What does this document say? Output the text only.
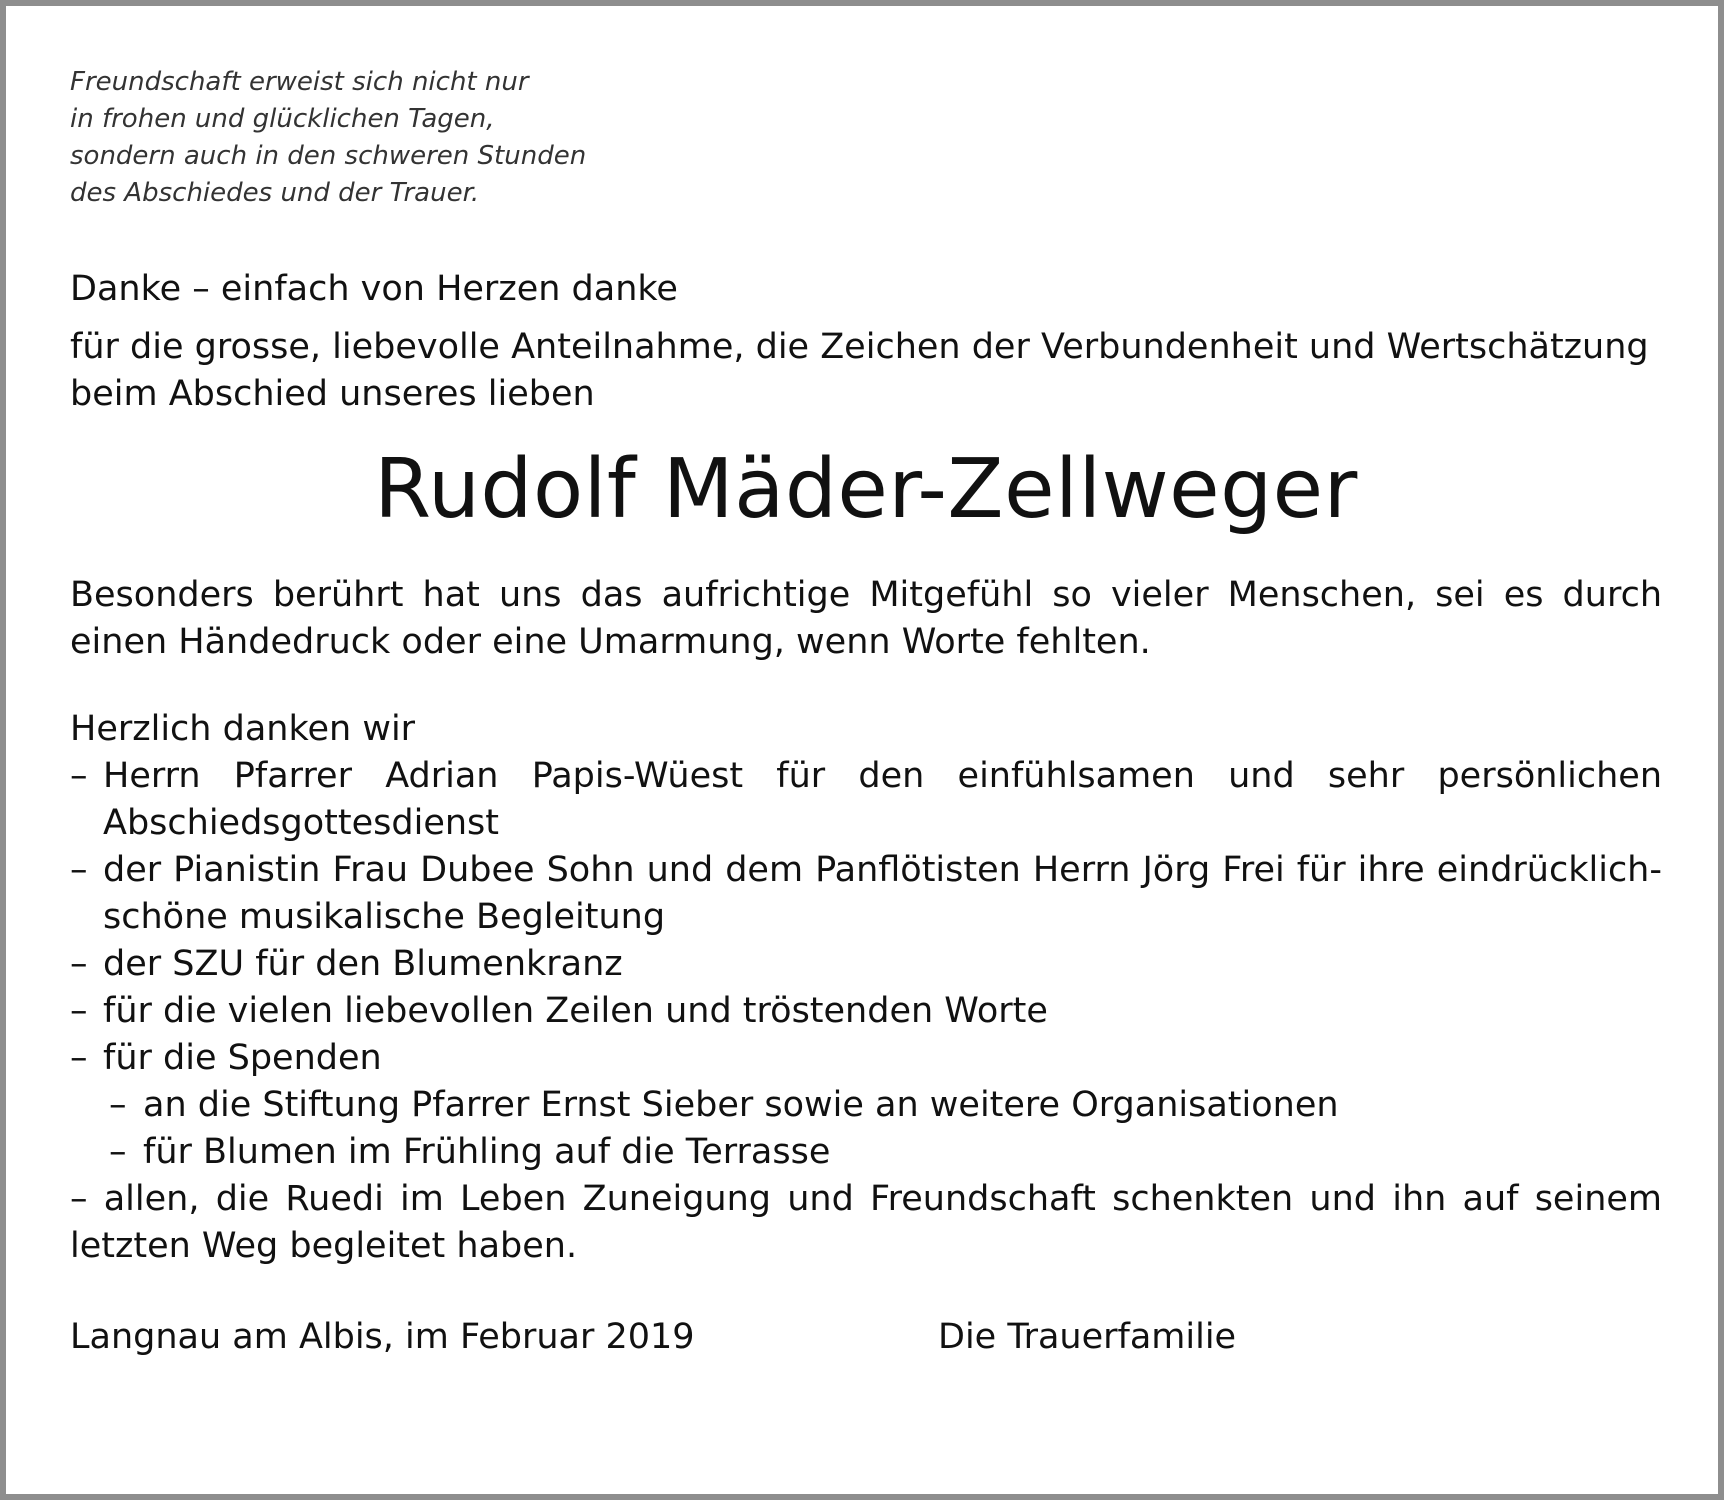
Freundschaft erweist sich nicht nur
in frohen und glücklichen Tagen,
sondern auch in den schweren Stunden
des Abschiedes und der Trauer.
Danke – einfach von Herzen danke
für die grosse, liebevolle Anteilnahme, die Zeichen der Verbundenheit und Wertschätzung beim Abschied unseres lieben
Rudolf Mäder-Zellweger
Besonders berührt hat uns das aufrichtige Mitgefühl so vieler Menschen, sei es durch einen Händedruck oder eine Umarmung, wenn Worte fehlten.
Herzlich danken wir
– Herrn Pfarrer Adrian Papis-Wüest für den einfühlsamen und sehr persönlichen Abschiedsgottesdienst
– der Pianistin Frau Dubee Sohn und dem Panflötisten Herrn Jörg Frei für ihre eindrücklich-schöne musikalische Begleitung
– der SZU für den Blumenkranz
– für die vielen liebevollen Zeilen und tröstenden Worte
– für die Spenden
– an die Stiftung Pfarrer Ernst Sieber sowie an weitere Organisationen
– für Blumen im Frühling auf die Terrasse
– allen, die Ruedi im Leben Zuneigung und Freundschaft schenkten und ihn auf seinem letzten Weg begleitet haben.
Langnau am Albis, im Februar 2019	Die Trauerfamilie
